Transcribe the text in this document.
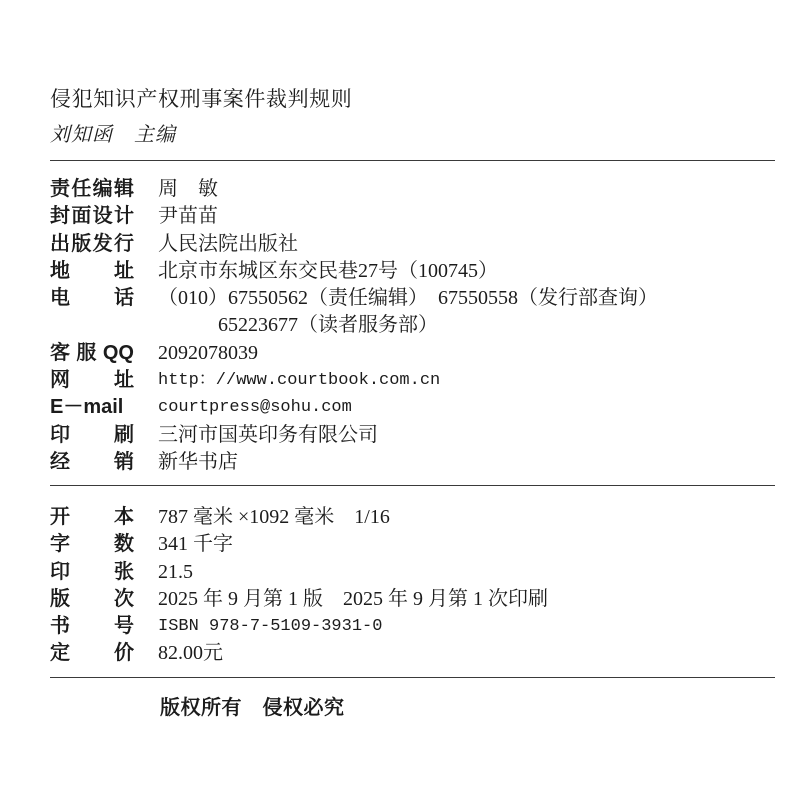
侵犯知识产权刑事案件裁判规则
刘知函　主编
责任编辑 周　敏
封面设计 尹苗苗
出版发行 人民法院出版社
地址 北京市东城区东交民巷27号（100745）
电话 （010）67550562（责任编辑）　67550558（发行部查询）
65223677（读者服务部）
客服QQ 2092078039
网址 http：//www.courtbook.com.cn
E－mail courtpress@sohu.com
印刷 三河市国英印务有限公司
经销 新华书店
开本 787 毫米 ×1092 毫米　1/16
字数 341 千字
印张 21.5
版次 2025 年 9 月第 1 版　2025 年 9 月第 1 次印刷
书号 ISBN 978-7-5109-3931-0
定价 82.00元
版权所有　侵权必究
